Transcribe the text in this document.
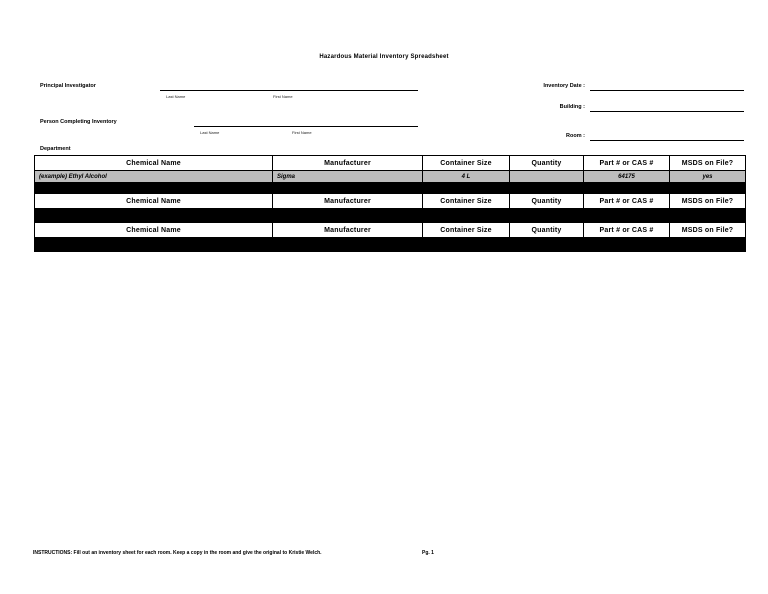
Hazardous Material Inventory Spreadsheet
Principal Investigator
Last Name	First Name
Person Completing Inventory
Last Name	First Name
Department
Inventory Date :
Building :
Room :
Chemical Name	Manufacturer	Container Size	Quantity	Part # or CAS #	MSDS on File?
(example) Ethyl Alcohol	Sigma	4 L		64175	yes

Chemical Name	Manufacturer	Container Size	Quantity	Part # or CAS #	MSDS on File?

Chemical Name	Manufacturer	Container Size	Quantity	Part # or CAS #	MSDS on File?

INSTRUCTIONS: Fill out an inventory sheet for each room. Keep a copy in the room and give the original to Kristie Welch.	Pg. 1
